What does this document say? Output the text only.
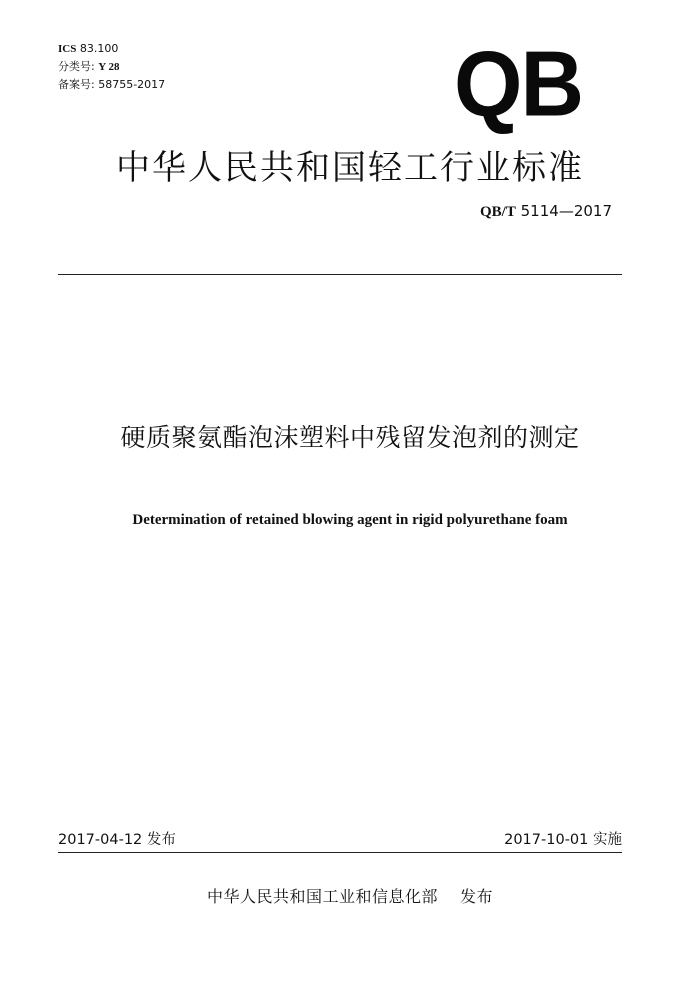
ICS 83.100
分类号: Y 28
备案号: 58755-2017	QB
中华人民共和国轻工行业标准
QB/T 5114—2017
硬质聚氨酯泡沫塑料中残留发泡剂的测定
Determination of retained blowing agent in rigid polyurethane foam
2017-04-12 发布	2017-10-01 实施
中华人民共和国工业和信息化部 发布
